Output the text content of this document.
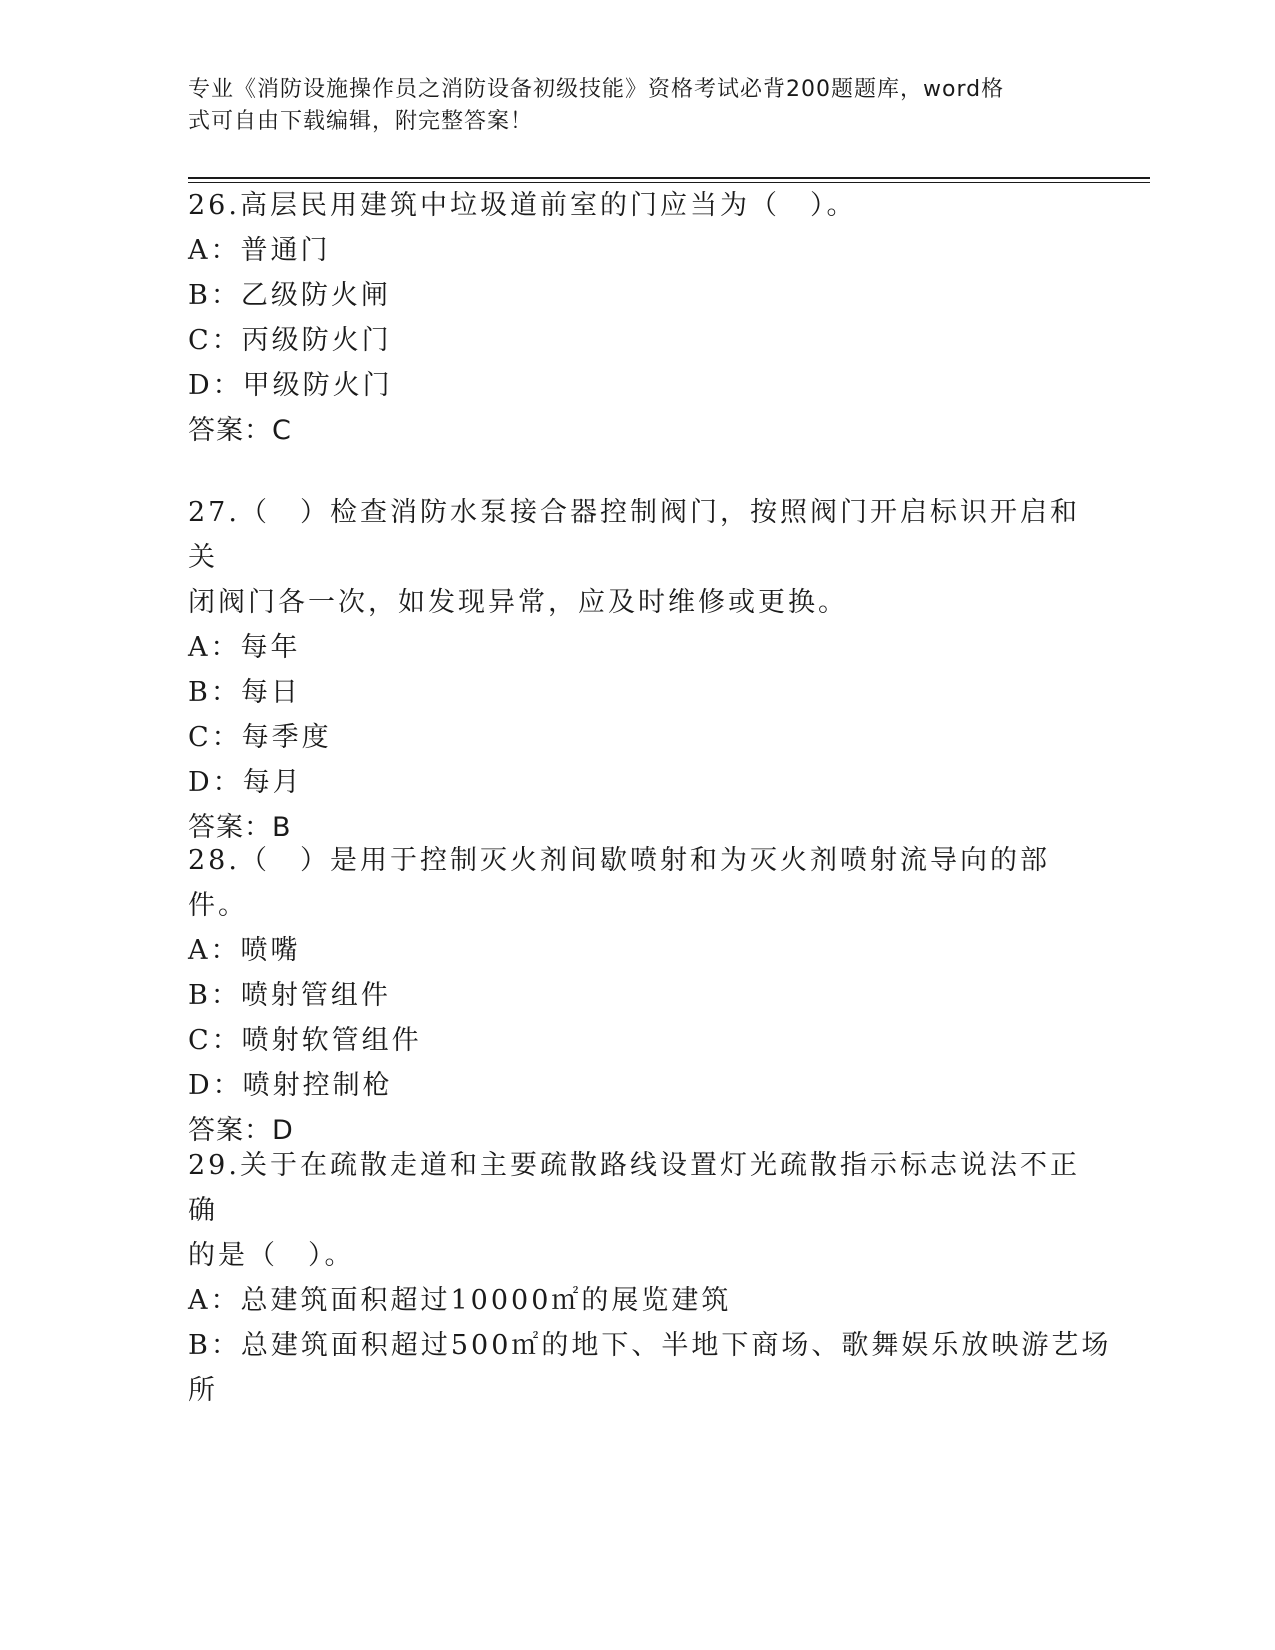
专业《消防设施操作员之消防设备初级技能》资格考试必背200题题库，word格
式可自由下载编辑，附完整答案！
26.高层民用建筑中垃圾道前室的门应当为（　）。
A：普通门
B：乙级防火闸
C：丙级防火门
D：甲级防火门
答案：C
27.（　）检查消防水泵接合器控制阀门，按照阀门开启标识开启和关
闭阀门各一次，如发现异常，应及时维修或更换。
A：每年
B：每日
C：每季度
D：每月
答案：B
28.（　）是用于控制灭火剂间歇喷射和为灭火剂喷射流导向的部件。
A：喷嘴
B：喷射管组件
C：喷射软管组件
D：喷射控制枪
答案：D
29.关于在疏散走道和主要疏散路线设置灯光疏散指示标志说法不正确
的是（　）。
A：总建筑面积超过10000㎡的展览建筑
B：总建筑面积超过500㎡的地下、半地下商场、歌舞娱乐放映游艺场
所
